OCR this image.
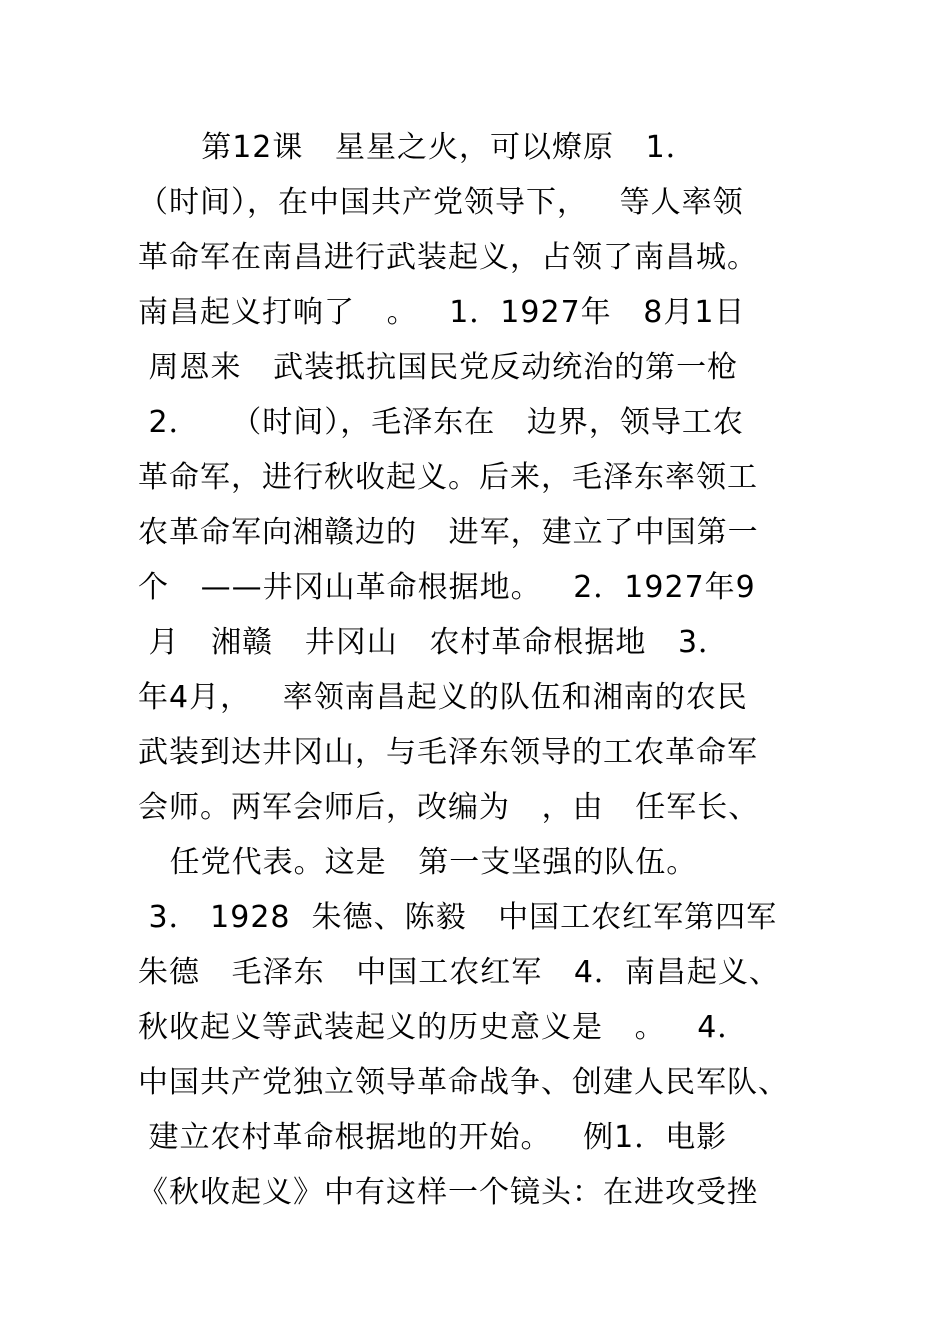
第12课   星星之火，可以燎原   1．
（时间），在中国共产党领导下，   等人率领
革命军在南昌进行武装起义，占领了南昌城。
南昌起义打响了   。   1．1927年   8月1日
周恩来   武装抵抗国民党反动统治的第一枪
2．   （时间），毛泽东在   边界，领导工农
革命军，进行秋收起义。后来，毛泽东率领工
农革命军向湘赣边的   进军，建立了中国第一
个   ——井冈山革命根据地。   2．1927年9
月   湘赣   井冈山   农村革命根据地   3．
年4月，   率领南昌起义的队伍和湘南的农民
武装到达井冈山，与毛泽东领导的工农革命军
会师。两军会师后，改编为   ，由   任军长、
任党代表。这是   第一支坚强的队伍。
3． 1928  朱德、陈毅   中国工农红军第四军
朱德   毛泽东   中国工农红军   4．南昌起义、
秋收起义等武装起义的历史意义是   。   4．
中国共产党独立领导革命战争、创建人民军队、
建立农村革命根据地的开始。   例1．电影
《秋收起义》中有这样一个镜头：在进攻受挫
